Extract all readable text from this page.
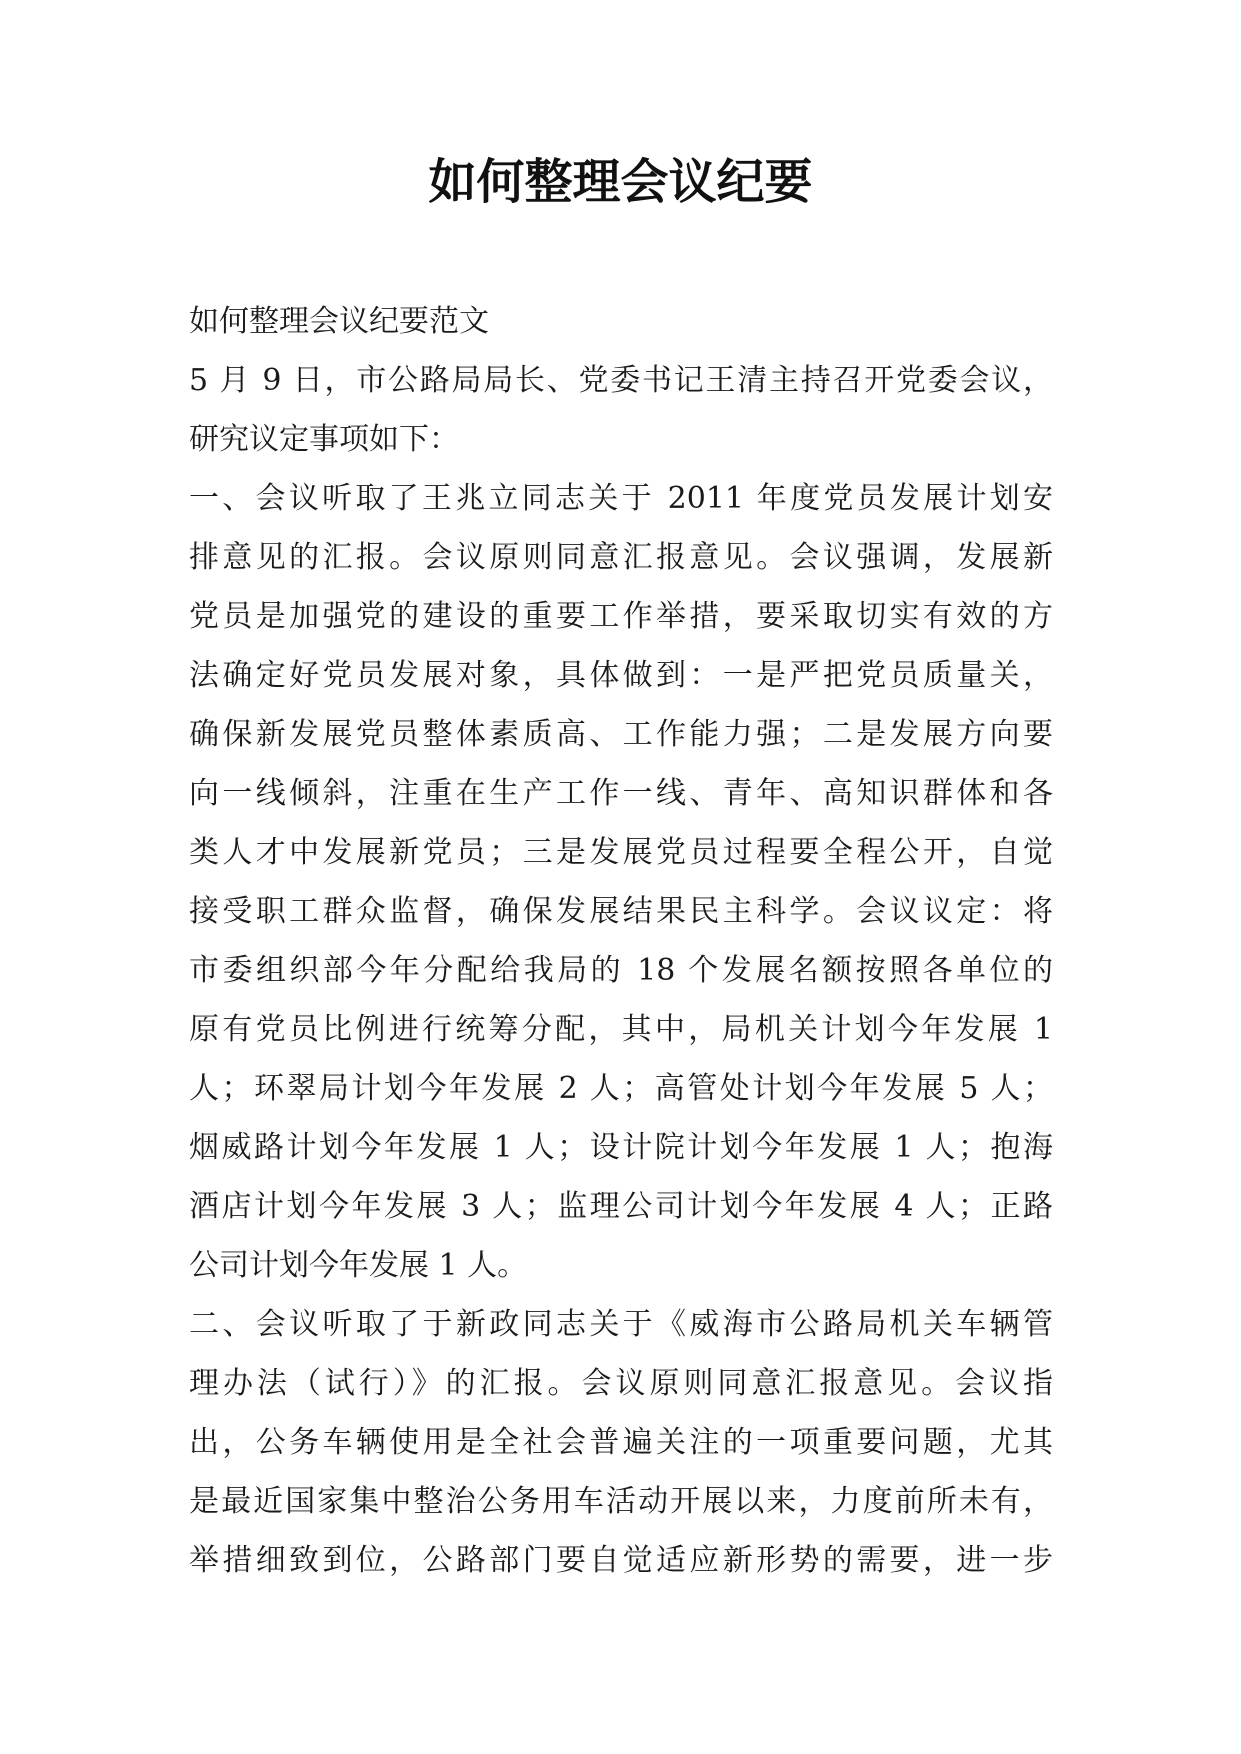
如何整理会议纪要
如何整理会议纪要范文
5 月 9 日，市公路局局长、党委书记王清主持召开党委会议，
研究议定事项如下：
一、会议听取了王兆立同志关于 2011 年度党员发展计划安
排意见的汇报。会议原则同意汇报意见。会议强调，发展新
党员是加强党的建设的重要工作举措，要采取切实有效的方
法确定好党员发展对象，具体做到：一是严把党员质量关，
确保新发展党员整体素质高、工作能力强；二是发展方向要
向一线倾斜，注重在生产工作一线、青年、高知识群体和各
类人才中发展新党员；三是发展党员过程要全程公开，自觉
接受职工群众监督，确保发展结果民主科学。会议议定：将
市委组织部今年分配给我局的 18 个发展名额按照各单位的
原有党员比例进行统筹分配，其中，局机关计划今年发展 1
人；环翠局计划今年发展 2 人；高管处计划今年发展 5 人；
烟威路计划今年发展 1 人；设计院计划今年发展 1 人；抱海
酒店计划今年发展 3 人；监理公司计划今年发展 4 人；正路
公司计划今年发展 1 人。
二、会议听取了于新政同志关于《威海市公路局机关车辆管
理办法（试行）》的汇报。会议原则同意汇报意见。会议指
出，公务车辆使用是全社会普遍关注的一项重要问题，尤其
是最近国家集中整治公务用车活动开展以来，力度前所未有，
举措细致到位，公路部门要自觉适应新形势的需要，进一步
